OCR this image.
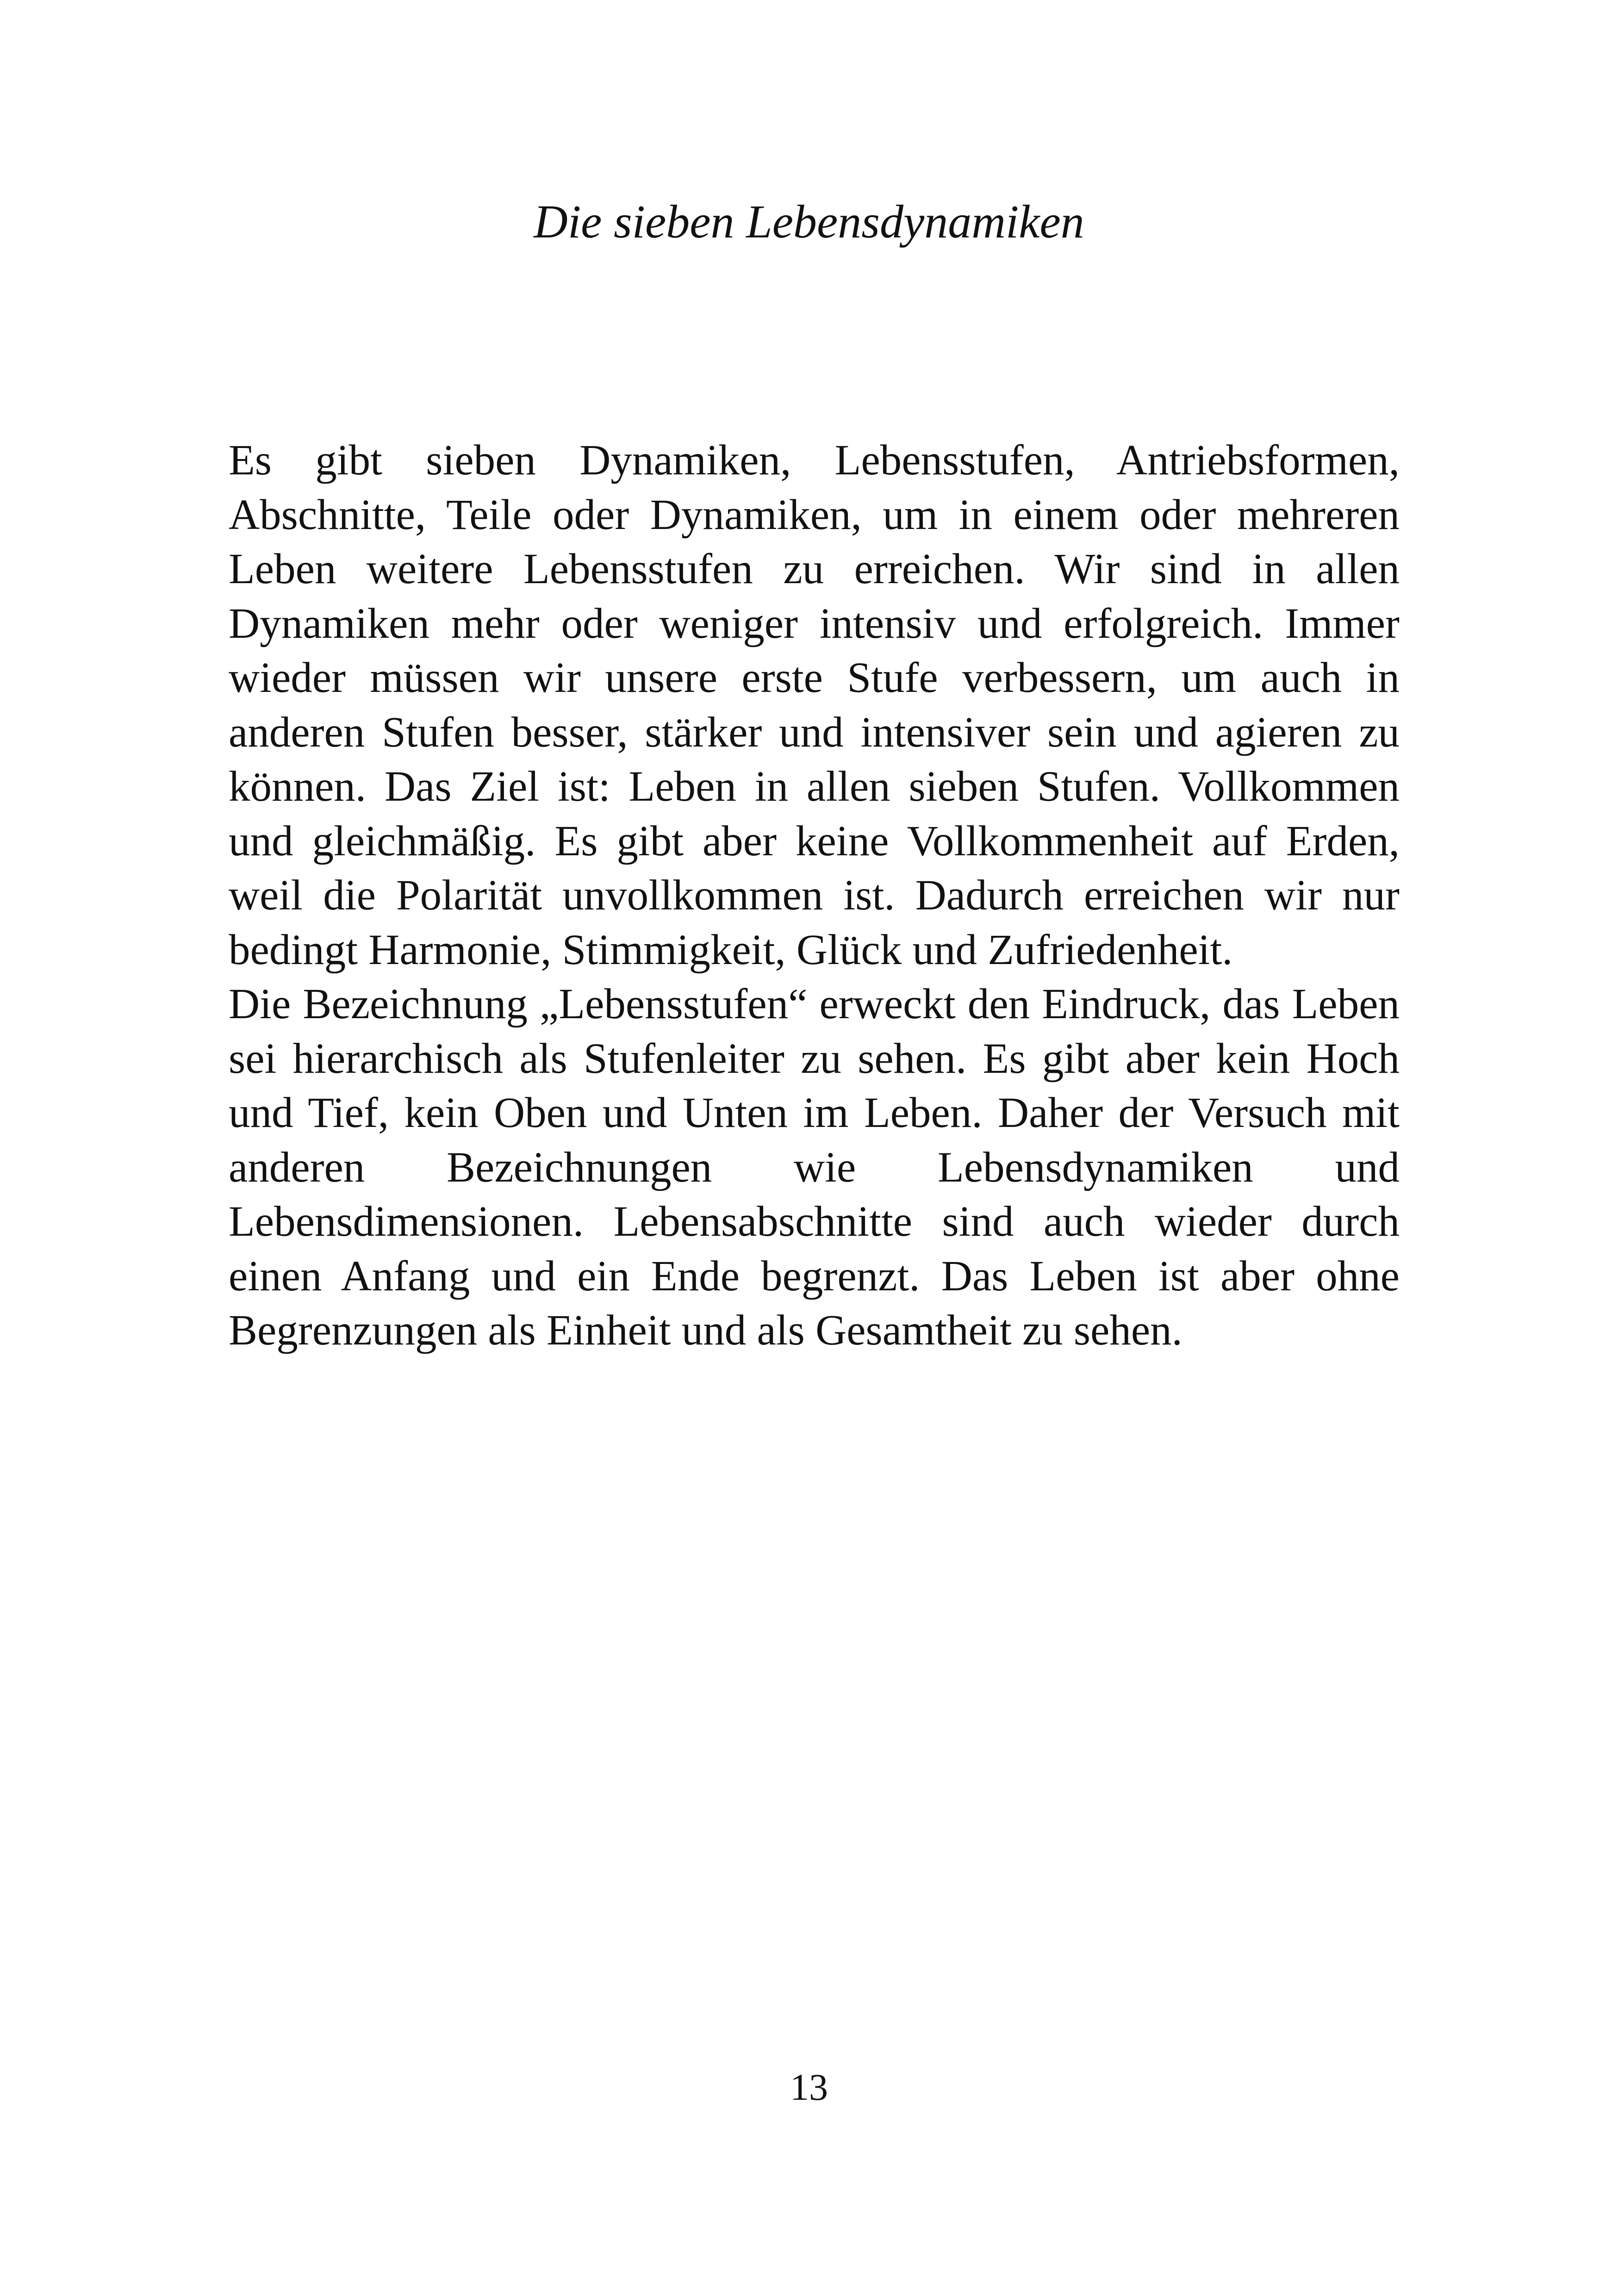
Die sieben Lebensdynamiken

Es gibt sieben Dynamiken, Lebensstufen, Antriebsformen, Abschnitte, Teile oder Dynamiken, um in einem oder mehreren Leben weitere Lebensstufen zu erreichen. Wir sind in allen Dynamiken mehr oder weniger intensiv und erfolgreich. Immer wieder müssen wir unsere erste Stufe verbessern, um auch in anderen Stufen besser, stärker und intensiver sein und agieren zu können. Das Ziel ist: Leben in allen sieben Stufen. Vollkommen und gleichmäßig. Es gibt aber keine Vollkommenheit auf Erden, weil die Polarität unvollkommen ist. Dadurch erreichen wir nur bedingt Harmonie, Stimmigkeit, Glück und Zufriedenheit.

Die Bezeichnung „Lebensstufen“ erweckt den Eindruck, das Leben sei hierarchisch als Stufenleiter zu sehen. Es gibt aber kein Hoch und Tief, kein Oben und Unten im Leben. Daher der Versuch mit anderen Bezeichnungen wie Lebensdynamiken und Lebensdimensionen. Lebensabschnitte sind auch wieder durch einen Anfang und ein Ende begrenzt. Das Leben ist aber ohne Begrenzungen als Einheit und als Gesamtheit zu sehen.

13
